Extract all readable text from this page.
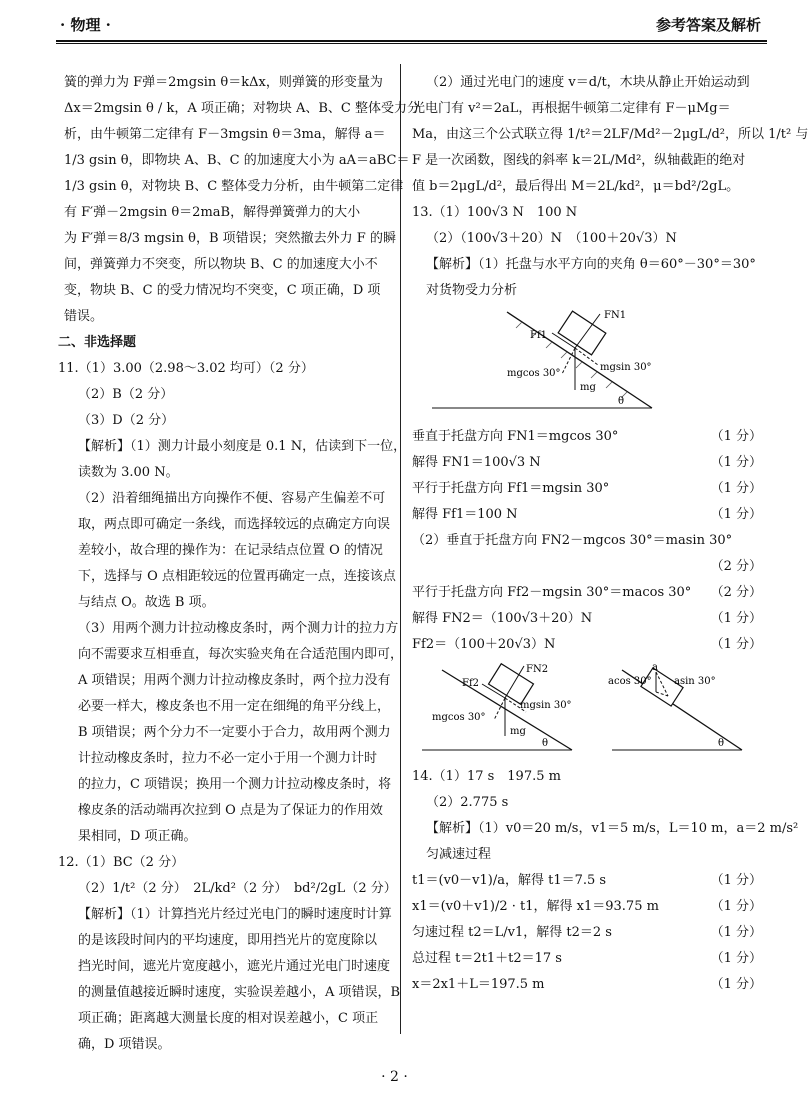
· 物理 ·	参考答案及解析
簧的弹力为 F弹＝2mgsin θ＝kΔx，则弹簧的形变量为
Δx＝2mgsin θ / k，A 项正确；对物块 A、B、C 整体受力分
析，由牛顿第二定律有 F－3mgsin θ＝3ma，解得 a＝
1/3 gsin θ，即物块 A、B、C 的加速度大小为 aA＝aBC＝
1/3 gsin θ，对物块 B、C 整体受力分析，由牛顿第二定律
有 F′弹－2mgsin θ＝2maB，解得弹簧弹力的大小
为 F′弹＝8/3 mgsin θ，B 项错误；突然撤去外力 F 的瞬
间，弹簧弹力不突变，所以物块 B、C 的加速度大小不
变，物块 B、C 的受力情况均不突变，C 项正确，D 项
错误。
二、非选择题
11.（1）3.00（2.98～3.02 均可）（2 分）
（2）B（2 分）
（3）D（2 分）
【解析】（1）测力计最小刻度是 0.1 N，估读到下一位，
读数为 3.00 N。
（2）沿着细绳描出方向操作不便、容易产生偏差不可
取，两点即可确定一条线，而选择较远的点确定方向误
差较小，故合理的操作为：在记录结点位置 O 的情况
下，选择与 O 点相距较远的位置再确定一点，连接该点
与结点 O。故选 B 项。
（3）用两个测力计拉动橡皮条时，两个测力计的拉力方
向不需要求互相垂直，每次实验夹角在合适范围内即可，
A 项错误；用两个测力计拉动橡皮条时，两个拉力没有
必要一样大，橡皮条也不用一定在细绳的角平分线上，
B 项错误；两个分力不一定要小于合力，故用两个测力
计拉动橡皮条时，拉力不必一定小于用一个测力计时
的拉力，C 项错误；换用一个测力计拉动橡皮条时，将
橡皮条的活动端再次拉到 O 点是为了保证力的作用效
果相同，D 项正确。
12.（1）BC（2 分）
（2）1/t²（2 分）　2L/kd²（2 分）　bd²/2gL（2 分）
【解析】（1）计算挡光片经过光电门的瞬时速度时计算
的是该段时间内的平均速度，即用挡光片的宽度除以
挡光时间，遮光片宽度越小，遮光片通过光电门时速度
的测量值越接近瞬时速度，实验误差越小，A 项错误，B
项正确；距离越大测量长度的相对误差越小，C 项正
确，D 项错误。
（2）通过光电门的速度 v＝d/t，木块从静止开始运动到
光电门有 v²＝2aL，再根据牛顿第二定律有 F－μMg＝
Ma，由这三个公式联立得 1/t²＝2LF/Md²－2μgL/d²，所以 1/t² 与
F 是一次函数，图线的斜率 k＝2L/Md²，纵轴截距的绝对
值 b＝2μgL/d²，最后得出 M＝2L/kd²，μ＝bd²/2gL。
13.（1）100√3 N　100 N
（2）（100√3＋20）N　（100＋20√3）N
【解析】（1）托盘与水平方向的夹角 θ＝60°－30°＝30°
对货物受力分析
FN1
Ff1
mgsin 30°
mgcos 30°
mg
θ
垂直于托盘方向 FN1＝mgcos 30°	（1 分）
解得 FN1＝100√3 N	（1 分）
平行于托盘方向 Ff1＝mgsin 30°	（1 分）
解得 Ff1＝100 N	（1 分）
（2）垂直于托盘方向 FN2－mgcos 30°＝masin 30°
（2 分）
平行于托盘方向 Ff2－mgsin 30°＝macos 30° （2 分）
解得 FN2＝（100√3＋20）N	（1 分）
Ff2＝（100＋20√3）N	（1 分）
FN2
Ff2
mgsin 30°
mgcos 30°
mg
θ
a
acos 30° asin 30°
θ
14.（1）17 s　197.5 m
（2）2.775 s
【解析】（1）v0＝20 m/s，v1＝5 m/s，L＝10 m，a＝2 m/s²
匀减速过程
t1＝(v0－v1)/a，解得 t1＝7.5 s	（1 分）
x1＝(v0＋v1)/2 · t1，解得 x1＝93.75 m	（1 分）
匀速过程 t2＝L/v1，解得 t2＝2 s	（1 分）
总过程 t＝2t1＋t2＝17 s	（1 分）
x＝2x1＋L＝197.5 m	（1 分）
· 2 ·
